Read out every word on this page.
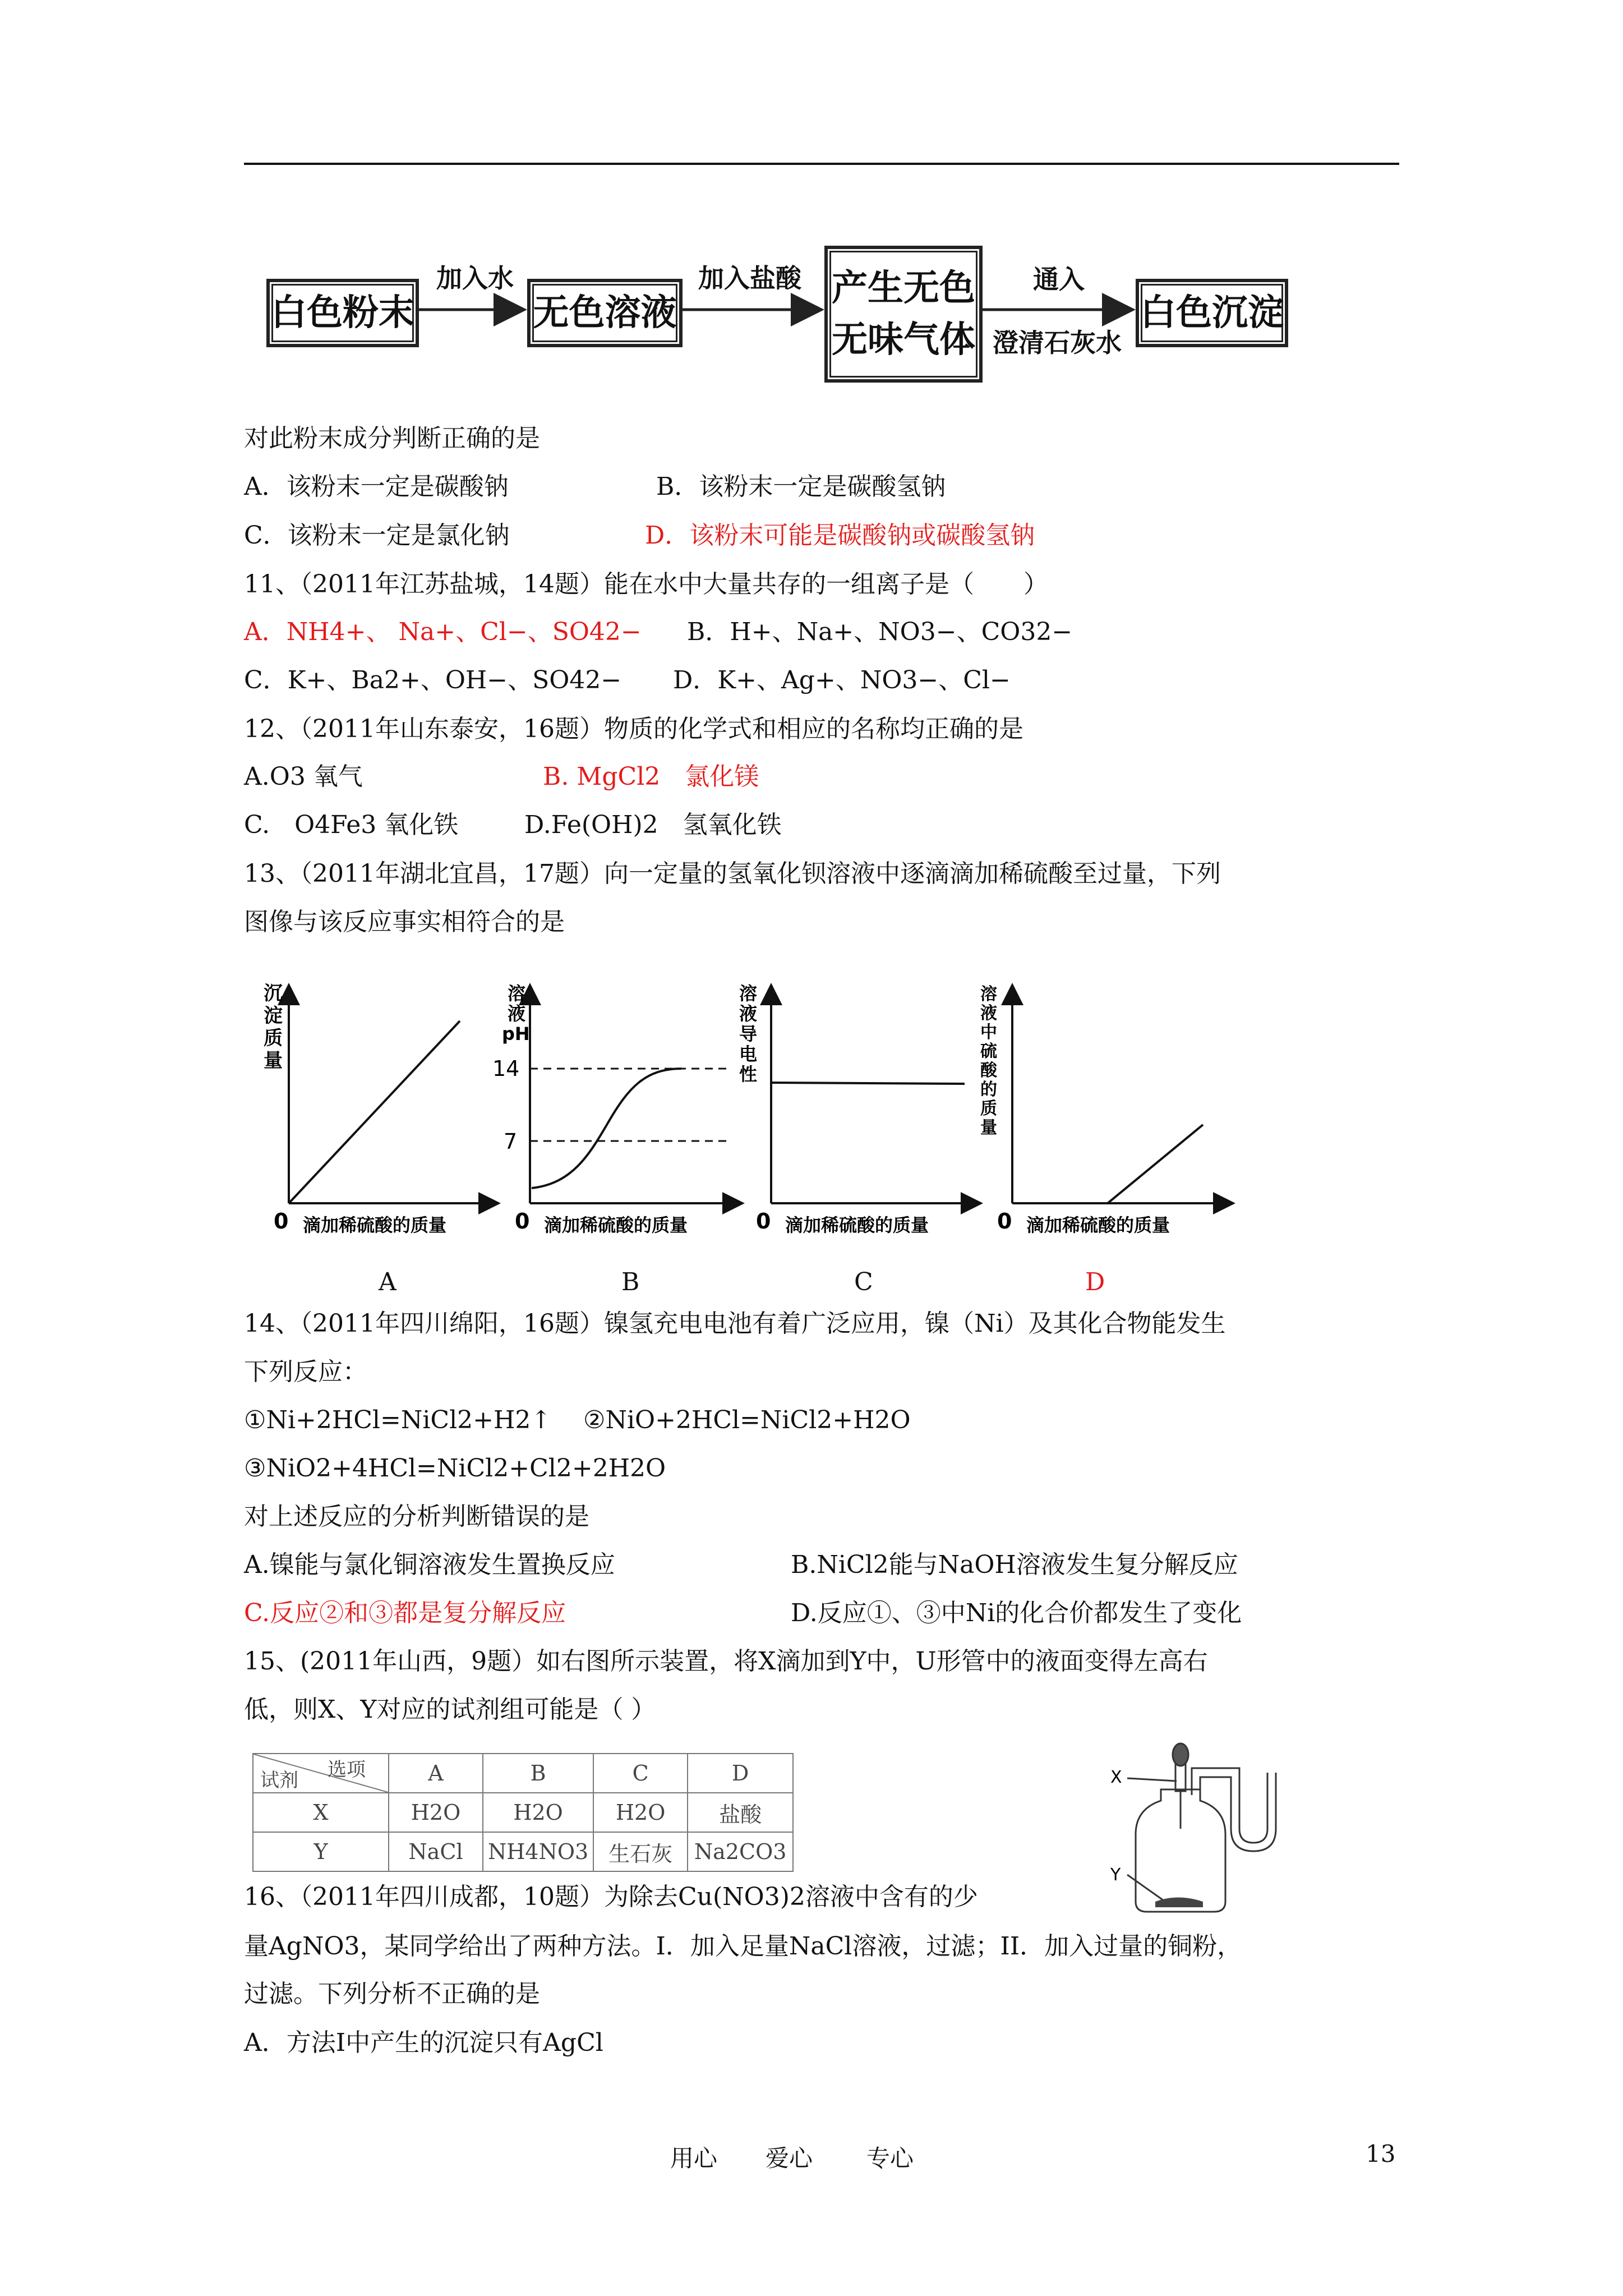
白色粉末
加入水
无色溶液
加入盐酸 产生无色
无味气体
通入
澄清石灰水
白色沉淀
对此粉末成分判断正确的是
A．该粉末一定是碳酸钠	B．该粉末一定是碳酸氢钠
C．该粉末一定是氯化钠	D．该粉末可能是碳酸钠或碳酸氢钠
11、（2011年江苏盐城，14题）能在水中大量共存的一组离子是（　　）
A．NH4+、 Na+、Cl−、SO42− B．H+、Na+、NO3−、CO32−
C．K+、Ba2+、OH−、SO42− D．K+、Ag+、NO3−、Cl−
12、（2011年山东泰安，16题）物质的化学式和相应的名称均正确的是
A.O3 氧气	B. MgCl2　氯化镁
C.　O4Fe3 氧化铁	D.Fe(OH)2　氢氧化铁
13、（2011年湖北宜昌，17题）向一定量的氢氧化钡溶液中逐滴滴加稀硫酸至过量，下列
图像与该反应事实相符合的是
沉
淀
质
量
0 滴加稀硫酸的质量
溶
液
pH
14
7
0 滴加稀硫酸的质量
溶
液
导
电
性
0 滴加稀硫酸的质量
溶
液
中
硫
酸
的
质
量
0 滴加稀硫酸的质量
A	B	C	D
14、（2011年四川绵阳，16题）镍氢充电电池有着广泛应用，镍（Ni）及其化合物能发生
下列反应：
①Ni+2HCl=NiCl2+H2↑ ②NiO+2HCl=NiCl2+H2O
③NiO2+4HCl=NiCl2+Cl2+2H2O
对上述反应的分析判断错误的是
A.镍能与氯化铜溶液发生置换反应	B.NiCl2能与NaOH溶液发生复分解反应
C.反应②和③都是复分解反应	D.反应①、③中Ni的化合价都发生了变化
15、(2011年山西，9题）如右图所示装置，将X滴加到Y中，U形管中的液面变得左高右
低，则X、Y对应的试剂组可能是（ ）
选项
试剂	A	B	C	D
X	H2O	H2O	H2O	盐酸
Y	NaCl	NH4NO3	生石灰	Na2CO3
X
Y
16、（2011年四川成都，10题）为除去Cu(NO3)2溶液中含有的少
量AgNO3，某同学给出了两种方法。I．加入足量NaCl溶液，过滤；II．加入过量的铜粉，
过滤。下列分析不正确的是
A．方法I中产生的沉淀只有AgCl
用心 爱心 专心	13
